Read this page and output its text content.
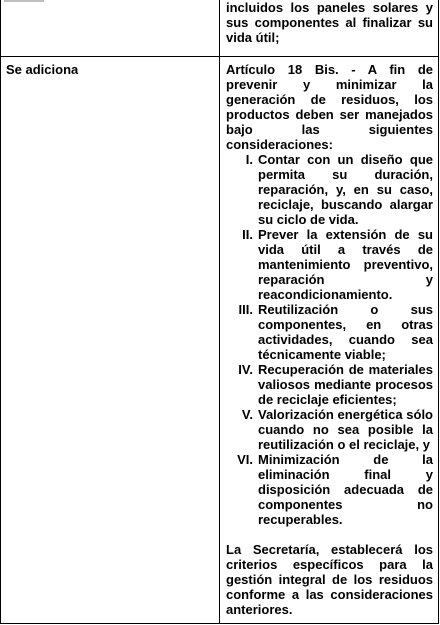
incluidos los paneles solares y sus componentes al finalizar su vida útil;

Se adiciona	Artículo 18 Bis. - A fin de prevenir y minimizar la generación de residuos, los productos deben ser manejados bajo las siguientes consideraciones:

I. Contar con un diseño que permita su duración, reparación, y, en su caso, reciclaje, buscando alargar su ciclo de vida.
II. Prever la extensión de su vida útil a través de mantenimiento preventivo, reparación y reacondicionamiento.
III. Reutilización o sus componentes, en otras actividades, cuando sea técnicamente viable;
IV. Recuperación de materiales valiosos mediante procesos de reciclaje eficientes;
V. Valorización energética sólo cuando no sea posible la reutilización o el reciclaje, y
VI. Minimización de la eliminación final y disposición adecuada de componentes no recuperables.

La Secretaría, establecerá los criterios específicos para la gestión integral de los residuos conforme a las consideraciones anteriores.
